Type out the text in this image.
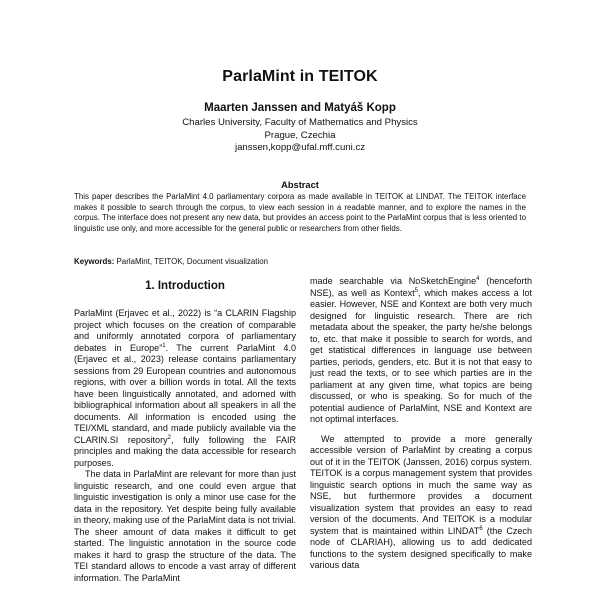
ParlaMint in TEITOK
Maarten Janssen and Matyáš Kopp
Charles University, Faculty of Mathematics and Physics
Prague, Czechia
janssen,kopp@ufal.mff.cuni.cz
Abstract

This paper describes the ParlaMint 4.0 parliamentary corpora as made available in TEITOK at LINDAT. The TEITOK interface makes it possible to search through the corpus, to view each session in a readable manner, and to explore the names in the corpus. The interface does not present any new data, but provides an access point to the ParlaMint corpus that is less oriented to linguistic use only, and more accessible for the general public or researchers from other fields.

Keywords: ParlaMint, TEITOK, Document visualization
1. Introduction

ParlaMint (Erjavec et al., 2022) is “a CLARIN Flagship project which focuses on the creation of comparable and uniformly annotated corpora of parliamentary debates in Europe”$^1$. The current ParlaMint 4.0 (Erjavec et al., 2023) release contains parliamentary sessions from 29 European countries and autonomous regions, with over a billion words in total. All the texts have been linguistically annotated, and adorned with bibliographical information about all speakers in all the documents. All information is encoded using the TEI/XML standard, and made publicly available via the CLARIN.SI repository$^2$, fully following the FAIR principles and making the data accessible for research purposes.

The data in ParlaMint are relevant for more than just linguistic research, and one could even argue that linguistic investigation is only a minor use case for the data in the repository. Yet despite being fully available in theory, making use of the ParlaMint data is not trivial. The sheer amount of data makes it difficult to get started. The linguistic annotation in the source code makes it hard to grasp the structure of the data. The TEI standard allows to encode a vast array of different information. The ParlaMint

made searchable via NoSketchEngine$^4$ (henceforth NSE), as well as Kontext$^5$, which makes access a lot easier. However, NSE and Kontext are both very much designed for linguistic research. There are rich metadata about the speaker, the party he/she belongs to, etc. that make it possible to search for words, and get statistical differences in language use between parties, periods, genders, etc. But it is not that easy to just read the texts, or to see which parties are in the parliament at any given time, what topics are being discussed, or who is speaking. So for much of the potential audience of ParlaMint, NSE and Kontext are not optimal interfaces.

We attempted to provide a more generally accessible version of ParlaMint by creating a corpus out of it in the TEITOK (Janssen, 2016) corpus system. TEITOK is a corpus management system that provides linguistic search options in much the same way as NSE, but furthermore provides a document visualization system that provides an easy to read version of the documents. And TEITOK is a modular system that is maintained within LINDAT$^6$ (the Czech node of CLARIAH), allowing us to add dedicated functions to the system designed specifically to make various data
